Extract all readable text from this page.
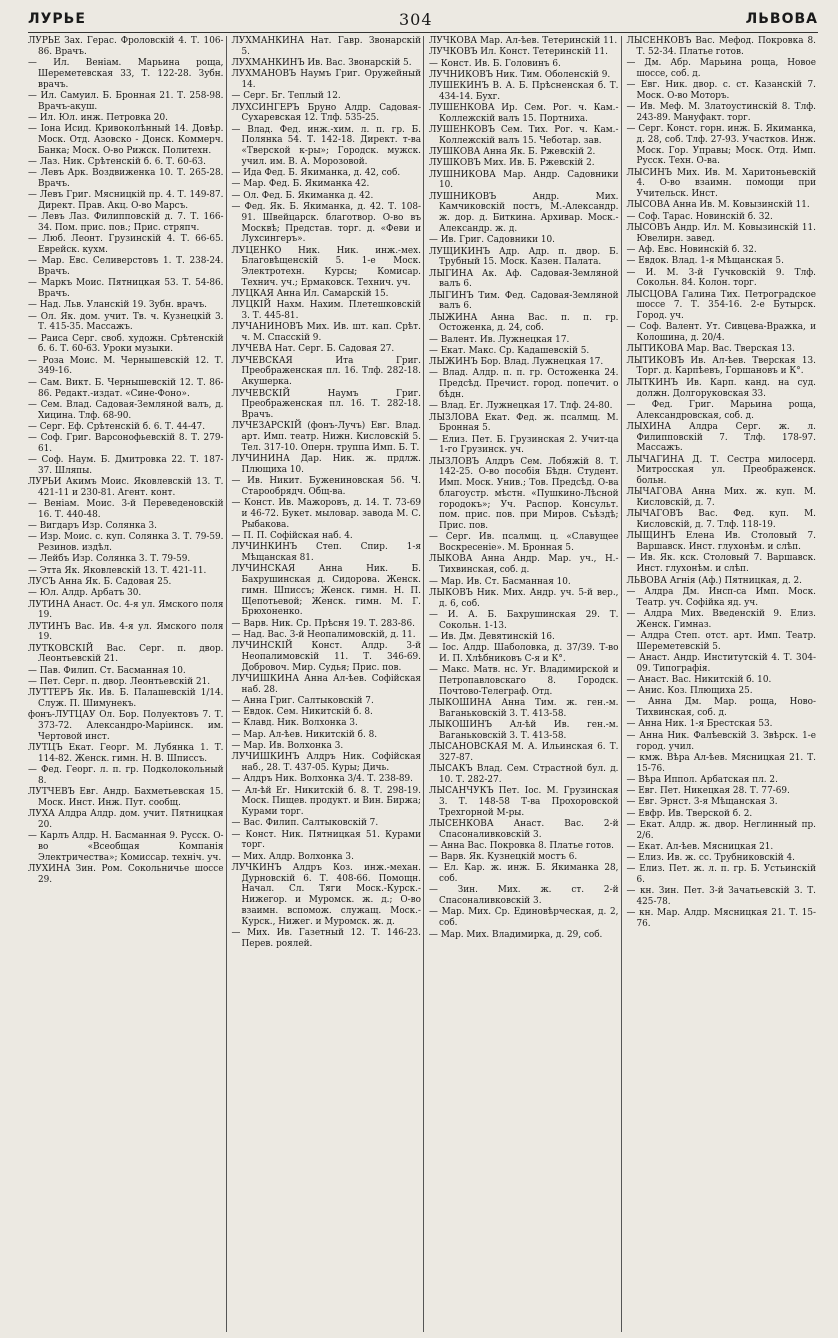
ЛУРЬЕ	304	ЛЬВОВА
ЛУРЬЕ Зах. Герас. Фроловскій 4. Т. 106-86. Врачъ.
— Ил. Веніам. Марьина роща, Шереметевская 33, Т. 122-28. Зубн. врачъ.
— Ил. Самуил. Б. Бронная 21. Т. 258-98. Врачъ-акуш.
— Ил. Юл. инж. Петровка 20.
— Іона Исид. Кривоколѣнный 14. Довѣр. Моск. Отд. Азовско - Донск. Коммерч. Банка; Моск. О-во Рижск. Политехн.
— Лаз. Ник. Срѣтенскій б. 6. Т. 60-63.
— Левъ Арк. Воздвиженка 10. Т. 265-28. Врачъ.
— Левъ Григ. Мясницкій пр. 4. Т. 149-87. Директ. Прав. Акц. О-во Марсъ.
— Левъ Лаз. Филипповскій д. 7. Т. 166-34. Пом. прис. пов.; Прис. стряпч.
— Люб. Леонт. Грузинскій 4. Т. 66-65. Еврейск. кухм.
— Мар. Евс. Селиверстовъ 1. Т. 238-24. Врачъ.
— Маркъ Моис. Пятницкая 53. Т. 54-86. Врачъ.
— Над. Льв. Уланскій 19. Зубн. врачъ.
— Ол. Як. дом. учит. Тв. ч. Кузнецкій 3. Т. 415-35. Массажъ.
— Раиса Серг. своб. художн. Срѣтенскій б. 6. Т. 60-63. Уроки музыки.
— Роза Моис. М. Чернышевскій 12. Т. 349-16.
— Сам. Викт. Б. Чернышевскій 12. Т. 86-86. Редакт.-издат. «Сине-Фоно».
— Сем. Влад. Садовая-Земляной валъ, д. Хицина. Тлф. 68-90.
— Серг. Еф. Срѣтенскій б. 6. Т. 44-47.
— Соф. Григ. Варсонофьевскій 8. Т. 279-61.
— Соф. Наум. Б. Дмитровка 22. Т. 187-37. Шляпы.
ЛУРЬИ Акимъ Моис. Яковлевскій 13. Т. 421-11 и 230-81. Агент. конт.
— Веніам. Моис. 3-й Переведеновскій 16. Т. 440-48.
— Вигдаръ Изр. Солянка 3.
— Изр. Моис. с. куп. Солянка 3. Т. 79-59. Резинов. издѣл.
— Лейбъ Изр. Солянка 3. Т. 79-59.
— Этта Як. Яковлевскій 13. Т. 421-11.
ЛУСЪ Анна Як. Б. Садовая 25.
— Юл. Алдр. Арбатъ 30.
ЛУТИНА Анаст. Ос. 4-я ул. Ямского поля 19.
ЛУТИНЪ Вас. Ив. 4-я ул. Ямского поля 19.
ЛУТКОВСКІЙ Вас. Серг. п. двор. Леонтьевскій 21.
— Пав. Филип. Ст. Басманная 10.
— Пет. Серг. п. двор. Леонтьевскій 21.
ЛУТТЕРЪ Як. Ив. Б. Палашевскій 1/14. Служ. П. Шимунекъ.
фонъ-ЛУТЦАУ Ол. Бор. Полуектовъ 7. Т. 373-72. Александро-Маріинск. им. Чертовой инст.
ЛУТЦЪ Екат. Георг. М. Лубянка 1. Т. 114-82. Женск. гимн. Н. В. Шписсъ.
— Фед. Георг. л. п. гр. Подколокольный 8.
ЛУТЧЕВЪ Евг. Андр. Бахметьевская 15. Моск. Инст. Инж. Пут. сообщ.
ЛУХА Алдра Алдр. дом. учит. Пятницкая 20.
— Карлъ Алдр. Н. Басманная 9. Русск. О-во «Всеобщая Компанія Электричества»; Комиссар. техніч. уч.
ЛУХИНА Зин. Ром. Сокольничье шоссе 29.
ЛУХМАНКИНА Нат. Гавр. Звонарскій 5.
ЛУХМАНКИНЪ Ив. Вас. Звонарскій 5.
ЛУХМАНОВЪ Наумъ Григ. Оружейный 14.
— Серг. Бг. Теплый 12.
ЛУХСИНГЕРЪ Бруно Алдр. Садовая-Сухаревская 12. Тлф. 535-25.
— Влад. Фед. инж.-хим. л. п. гр. Б. Полянка 54. Т. 142-18. Директ. т-ва «Тверской к-ры»; Городск. мужск. учил. им. В. А. Морозовой.
— Ида Фед. Б. Якиманка, д. 42, соб.
— Мар. Фед. Б. Якиманка 42.
— Ол. Фед. Б. Якиманка д. 42.
— Фед. Як. Б. Якиманка, д. 42. Т. 108-91. Швейцарск. благотвор. О-во въ Москвѣ; Представ. торг. д. «Феви и Лухсингеръ».
ЛУЦЕНКО Ник. Ник. инж.-мех. Благовѣщенскій 5. 1-е Моск. Электротехн. Курсы; Комисар. Технич. уч.; Ермаковск. Технич. уч.
ЛУЦКАЯ Анна Ил. Самарскій 15.
ЛУЦКІЙ Нахм. Нахим. Плетешковскій 3. Т. 445-81.
ЛУЧАНИНОВЪ Мих. Ив. шт. кап. Срѣт. ч. М. Спасскій 9.
ЛУЧЕВА Нат. Серг. Б. Садовая 27.
ЛУЧЕВСКАЯ Ита Григ. Преображенская пл. 16. Тлф. 282-18. Акушерка.
ЛУЧЕВСКІЙ Наумъ Григ. Преображенская пл. 16. Т. 282-18. Врачъ.
ЛУЧЕЗАРСКІЙ (фонъ-Лучъ) Евг. Влад. арт. Имп. театр. Нижн. Кисловскій 5. Тел. 317-10. Оперн. труппа Имп. Б. Т.
ЛУЧИНИНА Дар. Ник. ж. прдлж. Плющиха 10.
— Ив. Никит. Бужениновская 56. Ч. Старообрядч. Общ-ва.
— Конст. Ив. Мажоровъ, д. 14. Т. 73-69 и 46-72. Букет. мыловар. завода М. С. Рыбакова.
— П. П. Софійская наб. 4.
ЛУЧИНКИНЪ Степ. Спир. 1-я Мѣщанская 81.
ЛУЧИНСКАЯ Анна Ник. Б. Бахрушинская д. Сидорова. Женск. гимн. Шписсъ; Женск. гимн. Н. П. Щепотьевой; Женск. гимн. М. Г. Брюхоненко.
— Варв. Ник. Ср. Прѣсня 19. Т. 283-86.
— Над. Вас. 3-й Неопалимовскій, д. 11.
ЛУЧИНСКІЙ Конст. Алдр. 3-й Неопалимовскій 11. Т. 346-69. Добровоч. Мир. Судья; Прис. пов.
ЛУЧИШКИНА Анна Ал-ѣев. Софійская наб. 28.
— Анна Григ. Салтыковскій 7.
— Евдок. Сем. Никитскій б. 8.
— Клавд. Ник. Волхонка 3.
— Мар. Ал-ѣев. Никитскій б. 8.
— Мар. Ив. Волхонка 3.
ЛУЧИШКИНЪ Алдръ Ник. Софійская наб., 28. Т. 437-05. Куры; Дичь.
— Алдръ Ник. Волхонка 3/4. Т. 238-89.
— Ал-ѣй Ег. Никитскій б. 8. Т. 298-19. Моск. Пищев. продукт. и Вин. Биржа; Курами торг.
— Вас. Филип. Салтыковскій 7.
— Конст. Ник. Пятницкая 51. Курами торг.
— Мих. Алдр. Волхонка 3.
ЛУЧКИНЪ Алдръ Коз. инж.-механ. Дурновскій 6. Т. 408-66. Помощн. Начал. Сл. Тяги Моск.-Курск.-Нижегор. и Муромск. ж. д.; О-во взаимн. вспомож. служащ. Моск.-Курск., Нижег. и Муромск. ж. д.
— Мих. Ив. Газетный 12. Т. 146-23. Перев. роялей.
ЛУЧКОВА Мар. Ал-ѣев. Тетеринскій 11.
ЛУЧКОВЪ Ил. Конст. Тетеринскій 11.
— Конст. Ив. Б. Головинъ 6.
ЛУЧНИКОВЪ Ник. Тим. Оболенскій 9.
ЛУШЕКИНЪ В. А. Б. Прѣсненская б. Т. 434-14. Бухг.
ЛУШЕНКОВА Ир. Сем. Рог. ч. Кам.-Коллежскій валъ 15. Портниха.
ЛУШЕНКОВЪ Сем. Тих. Рог. ч. Кам.-Коллежскій валъ 15. Чеботар. зав.
ЛУШКОВА Анна Як. Б. Ржевскій 2.
ЛУШКОВЪ Мих. Ив. Б. Ржевскій 2.
ЛУШНИКОВА Мар. Андр. Садовники 10.
ЛУШНИКОВЪ Андр. Мих. Камчиковскій постъ, М.-Александр. ж. дор. д. Биткина. Архивар. Моск.-Александр. ж. д.
— Ив. Григ. Садовники 10.
ЛУЩИКИНЪ Адр. Адр. п. двор. Б. Трубный 15. Моск. Казен. Палата.
ЛЫГИНА Ак. Аф. Садовая-Земляной валъ 6.
ЛЫГИНЪ Тим. Фед. Садовая-Земляной валъ 6.
ЛЫЖИНА Анна Вас. п. п. гр. Остоженка, д. 24, соб.
— Валент. Ив. Лужнецкая 17.
— Екат. Макс. Ср. Кадашевскій 5.
ЛЫЖИНЪ Бор. Влад. Лужнецкая 17.
— Влад. Алдр. п. п. гр. Остоженка 24. Предсѣд. Пречист. город. попечит. о бѣдн.
— Влад. Ег. Лужнецкая 17. Тлф. 24-80.
ЛЫЗЛОВА Екат. Фед. ж. псалмщ. М. Бронная 5.
— Елиз. Пет. Б. Грузинская 2. Учит-ца 1-го Грузинск. уч.
ЛЫЗЛОВЪ Алдръ Сем. Лобяжій 8. Т. 142-25. О-во пособія Бѣдн. Студент. Имп. Моск. Унив.; Тов. Предсѣд. О-ва благоустр. мѣстн. «Пушкино-Лѣсной городокъ»; Уч. Распор. Консульт. пом. прис. пов. при Миров. Съѣздѣ; Прис. пов.
— Серг. Ив. псалмщ. ц. «Славущее Воскресеніе». М. Бронная 5.
ЛЫКОВА Анна Андр. Мар. уч., Н.-Тихвинская, соб. д.
— Мар. Ив. Ст. Басманная 10.
ЛЫКОВЪ Ник. Мих. Андр. уч. 5-й вер., д. 6, соб.
— И. А. Б. Бахрушинская 29. Т. Сокольн. 1-13.
— Ив. Дм. Девятинскій 16.
— Іос. Алдр. Шаболовка, д. 37/39. Т-во И. П. Хлѣбниковъ С-я и К°.
— Макс. Матв. нс. Уг. Владимирской и Петропавловскаго 8. Городск. Почтово-Телеграф. Отд.
ЛЫКОШИНА Анна Тим. ж. ген.-м. Ваганьковскій 3. Т. 413-58.
ЛЫКОШИНЪ Ал-ѣй Ив. ген.-м. Ваганьковскій 3. Т. 413-58.
ЛЫСАНОВСКАЯ М. А. Ильинская 6. Т. 327-87.
ЛЫСАКЪ Влад. Сем. Страстной бул. д. 10. Т. 282-27.
ЛЫСАНЧУКЪ Пет. Іос. М. Грузинская 3. Т. 148-58 Т-ва Прохоровской Трехгорной М-ры.
ЛЫСЕНКОВА Анаст. Вас. 2-й Спасоналивковскій 3.
— Анна Вас. Покровка 8. Платье готов.
— Варв. Як. Кузнецкій мостъ 6.
— Ел. Кар. ж. инж. Б. Якиманка 28, соб.
— Зин. Мих. ж. ст. 2-й Спасоналивковскій 3.
— Мар. Мих. Ср. Единовѣрческая, д. 2, соб.
— Мар. Мих. Владимирка, д. 29, соб.
ЛЫСЕНКОВЪ Вас. Мефод. Покровка 8. Т. 52-34. Платье готов.
— Дм. Абр. Марьина роща, Новое шоссе, соб. д.
— Евг. Ник. двор. с. ст. Казанскій 7. Моск. О-во Моторъ.
— Ив. Меф. М. Златоустинскій 8. Тлф. 243-89. Мануфакт. торг.
— Серг. Конст. горн. инж. Б. Якиманка, д. 28, соб. Тлф. 27-93. Участков. Инж. Моск. Гор. Управы; Моск. Отд. Имп. Русск. Техн. О-ва.
ЛЫСИНЪ Мих. Ив. М. Харитоньевскій 4. О-во взаимн. помощи при Учительск. Инст.
ЛЫСОВА Анна Ив. М. Ковызинскій 11.
— Соф. Тарас. Новинскій б. 32.
ЛЫСОВЪ Андр. Ил. М. Ковызинскій 11. Ювелирн. завед.
— Аф. Евс. Новинскій б. 32.
— Евдок. Влад. 1-я Мѣщанская 5.
— И. М. 3-й Гучковскій 9. Тлф. Сокольн. 84. Колон. торг.
ЛЫСЦОВА Галина Тих. Петроградское шоссе 7. Т. 354-16. 2-е Бутырск. Город. уч.
— Соф. Валент. Ут. Сивцева-Вражка, и Колошина, д. 20/4.
ЛЫТИКОВА Мар. Вас. Тверская 13.
ЛЫТИКОВЪ Ив. Ал-ѣев. Тверская 13. Торг. д. Карпѣевъ, Горшановъ и К°.
ЛЫТКИНЪ Ив. Карп. канд. на суд. должн. Долгоруковская 33.
— Фед. Григ. Марьина роща, Александровская, соб. д.
ЛЫХИНА Алдра Серг. ж. л. Филипповскій 7. Тлф. 178-97. Массажъ.
ЛЫЧАГИНА Д. Т. Сестра милосерд. Митросская ул. Преображенск. больн.
ЛЫЧАГОВА Анна Мих. ж. куп. М. Кисловскій, д. 7.
ЛЫЧАГОВЪ Вас. Фед. куп. М. Кисловскій, д. 7. Тлф. 118-19.
ЛЫЩИНЪ Елена Ив. Столовый 7. Варшавск. Инст. глухонѣм. и слѣп.
— Ив. Як. кск. Столовый 7. Варшавск. Инст. глухонѣм. и слѣп.
ЛЬВОВА Агнія (Аф.) Пятницкая, д. 2.
— Алдра Дм. Инсп-са Имп. Моск. Театр. уч. Софійка яд. уч.
— Алдра Мих. Введенскій 9. Елиз. Женск. Гимназ.
— Алдра Степ. отст. арт. Имп. Театр. Шереметевскій 5.
— Анаст. Андр. Институтскій 4. Т. 304-09. Типографія.
— Анаст. Вас. Никитскій б. 10.
— Анис. Коз. Плющиха 25.
— Анна Дм. Мар. роща, Ново-Тихвинская, соб. д.
— Анна Ник. 1-я Брестская 53.
— Анна Ник. Фалѣевскій 3. Звѣрск. 1-е город. учил.
— кмж. Вѣра Ал-ѣев. Мясницкая 21. Т. 15-76.
— Вѣра Иппол. Арбатская пл. 2.
— Евг. Пет. Никецкая 28. Т. 77-69.
— Евг. Эрнст. 3-я Мѣщанская 3.
— Евфр. Ив. Тверской б. 2.
— Екат. Алдр. ж. двор. Неглинный пр. 2/6.
— Екат. Ал-ѣев. Мясницкая 21.
— Елиз. Ив. ж. сс. Трубниковскій 4.
— Елиз. Пет. ж. л. п. гр. Б. Устьинскій 6.
— кн. Зин. Пет. 3-й Зачатьевскій 3. Т. 425-78.
— кн. Мар. Алдр. Мясницкая 21. Т. 15-76.
